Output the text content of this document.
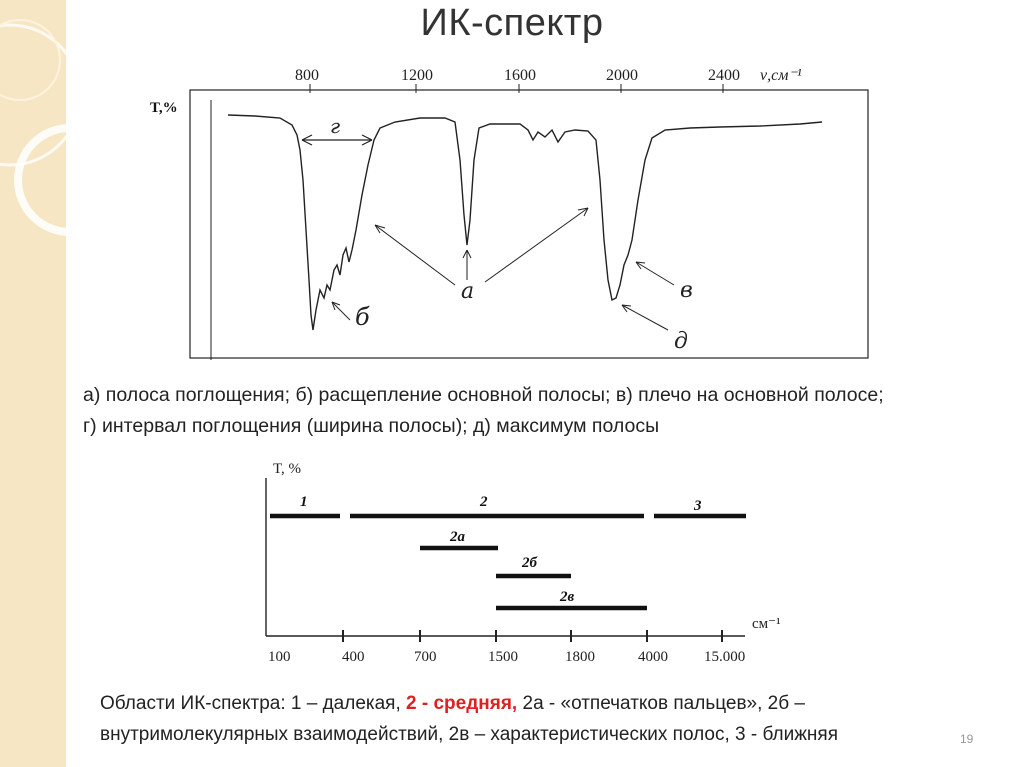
ИК-спектр
T,%
800	1200	1600	2000	2400 ν,см⁻¹
г
а
б
в
д
T, %
см⁻¹
100	400	700	1500	1800	4000 15.000
1	2	3
2а
2б
2в
а) полоса поглощения; б) расщепление основной полосы; в) плечо на основной полосе;
г) интервал поглощения (ширина полосы); д) максимум полосы
Области ИК-спектра: 1 – далекая, 2 - средняя, 2а - «отпечатков пальцев», 2б –
внутримолекулярных взаимодействий, 2в – характеристических полос, 3 - ближняя	19
